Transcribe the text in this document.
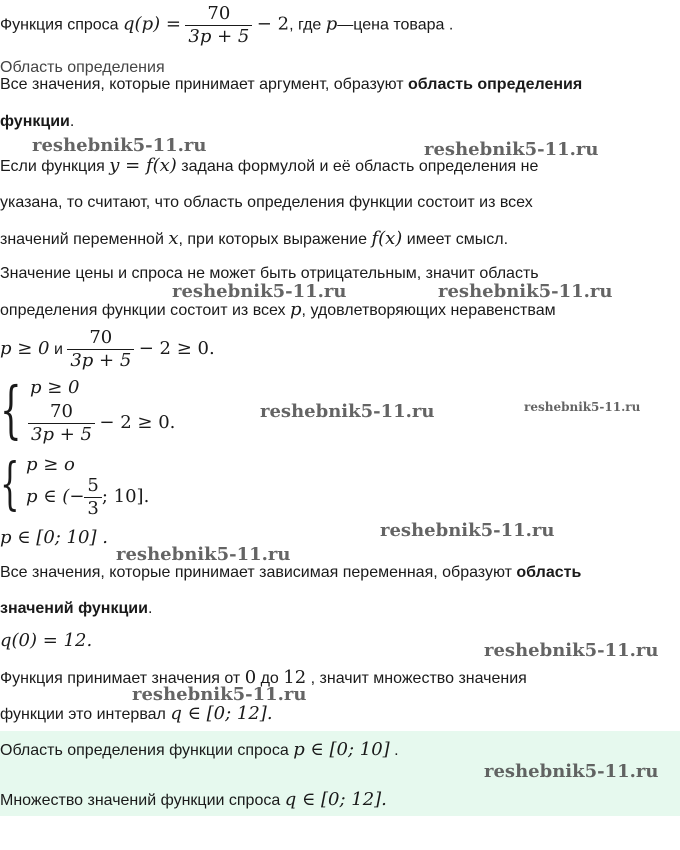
Функция спроса $q(p) = \frac{70}{3p + 5} - 2$, где p—цена товара .
Область определения
Все значения, которые принимает аргумент, образуют область определения
функции.
Если функция y = f(x) задана формулой и её область определения не
указана, то считают, что область определения функции состоит из всех
значений переменной x, при которых выражение f(x) имеет смысл.
Значение цены и спроса не может быть отрицательным, значит область
определения функции состоит из всех p, удовлетворяющих неравенствам
p ≥ 0 и $\frac{70}{3p + 5} - 2 \ge 0$.
{ p ≥ 0
$\frac{70}{3p + 5} - 2 \ge 0$.
{ p ≥ o
p ∈ (− $\frac{5}{3}$ ; 10].
p ∈ [0; 10] .
Все значения, которые принимает зависимая переменная, образуют область
значений функции.
q(0) = 12.
Функция принимает значения от 0 до 12 , значит множество значения
функции это интервал q ∈ [0; 12].
Область определения функции спроса p ∈ [0; 10] .
Множество значений функции спроса q ∈ [0; 12].
reshebnik5-11.ru	reshebnik5-11.ru
reshebnik5-11.ru	reshebnik5-11.ru
reshebnik5-11.ru	reshebnik5-11.ru
reshebnik5-11.ru
reshebnik5-11.ru
reshebnik5-11.ru
reshebnik5-11.ru
reshebnik5-11.ru
